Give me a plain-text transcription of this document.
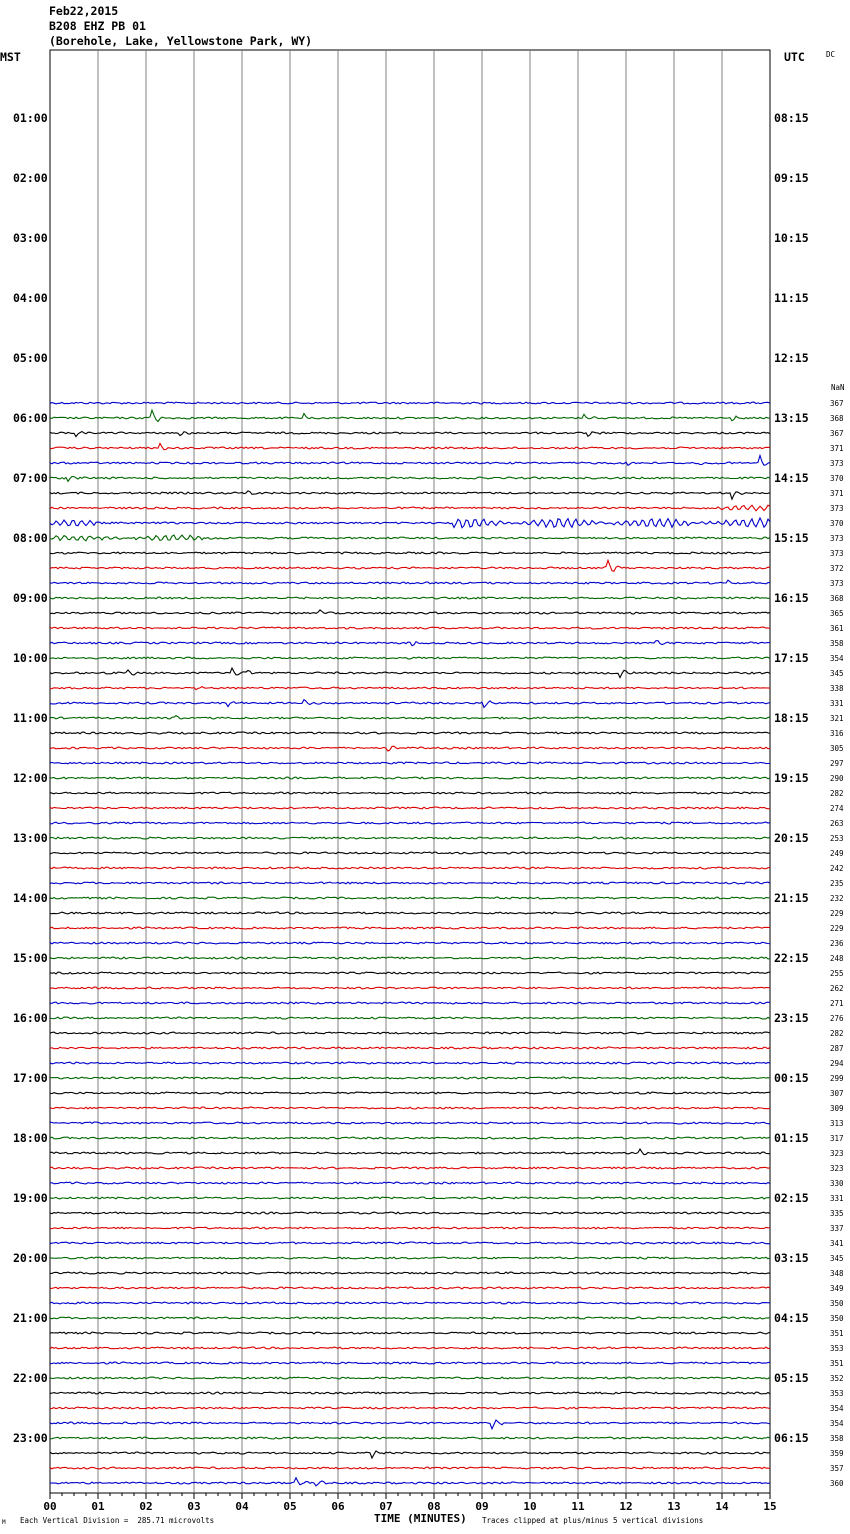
Feb22,2015
B208 EHZ PB 01
(Borehole, Lake, Yellowstone Park, WY)
MST	UTC	DC
NaN
00	01	02	03	04	05	06	07	08	09	10	11	12	13	14	15
01:00	08:15
02:00	09:15
03:00	10:15
04:00	11:15
05:00	12:15
06:00	13:15
07:00	14:15
08:00	15:15
09:00	16:15
10:00	17:15
11:00	18:15
12:00	19:15
13:00	20:15
14:00	21:15
15:00	22:15
16:00	23:15
17:00	00:15
18:00	01:15
19:00	02:15
20:00	03:15
21:00	04:15
22:00	05:15
23:00	06:15
367
368
367
371
373
370
371
373
370
373
373
372
373
368
365
361
358
354
345
338
331
321
316
305
297
290
282
274
263
253
249
242
235
232
229
229
236
248
255
262
271
276
282
287
294
299
307
309
313
317
323
323
330
331
335
337
341
345
348
349
350
350
351
353
351
352
353
354
354
358
359
357
360
M Each Vertical Division =  285.71 microvolts	TIME (MINUTES) Traces clipped at plus/minus 5 vertical divisions
